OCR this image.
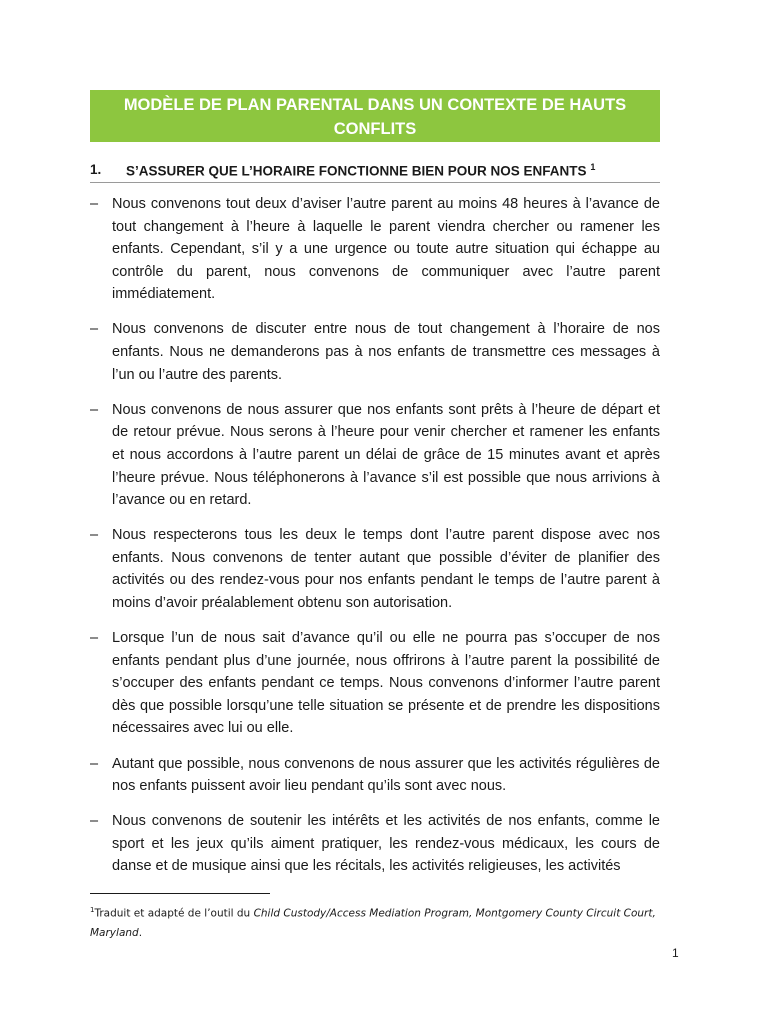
MODÈLE DE PLAN PARENTAL DANS UN CONTEXTE DE HAUTS
CONFLITS
1. S’ASSURER QUE L’HORAIRE FONCTIONNE BIEN POUR NOS ENFANTS $^1$
– Nous convenons tout deux d’aviser l’autre parent au moins 48 heures à l’avance de tout changement à l’heure à laquelle le parent viendra chercher ou ramener les enfants. Cependant, s’il y a une urgence ou toute autre situation qui échappe au contrôle du parent, nous convenons de communiquer avec l’autre parent immédiatement.
– Nous convenons de discuter entre nous de tout changement à l’horaire de nos enfants. Nous ne demanderons pas à nos enfants de transmettre ces messages à l’un ou l’autre des parents.
– Nous convenons de nous assurer que nos enfants sont prêts à l’heure de départ et de retour prévue. Nous serons à l’heure pour venir chercher et ramener les enfants et nous accordons à l’autre parent un délai de grâce de 15 minutes avant et après l’heure prévue. Nous téléphonerons à l’avance s’il est possible que nous arrivions à l’avance ou en retard.
– Nous respecterons tous les deux le temps dont l’autre parent dispose avec nos enfants. Nous convenons de tenter autant que possible d’éviter de planifier des activités ou des rendez-vous pour nos enfants pendant le temps de l’autre parent à moins d’avoir préalablement obtenu son autorisation.
– Lorsque l’un de nous sait d’avance qu’il ou elle ne pourra pas s’occuper de nos enfants pendant plus d’une journée, nous offrirons à l’autre parent la possibilité de s’occuper des enfants pendant ce temps. Nous convenons d’informer l’autre parent dès que possible lorsqu’une telle situation se présente et de prendre les dispositions nécessaires avec lui ou elle.
– Autant que possible, nous convenons de nous assurer que les activités régulières de nos enfants puissent avoir lieu pendant qu’ils sont avec nous.
– Nous convenons de soutenir les intérêts et les activités de nos enfants, comme le sport et les jeux qu’ils aiment pratiquer, les rendez-vous médicaux, les cours de danse et de musique ainsi que les récitals, les activités religieuses, les activités
$^1$Traduit et adapté de l’outil du Child Custody/Access Mediation Program, Montgomery County Circuit Court, Maryland.
1
